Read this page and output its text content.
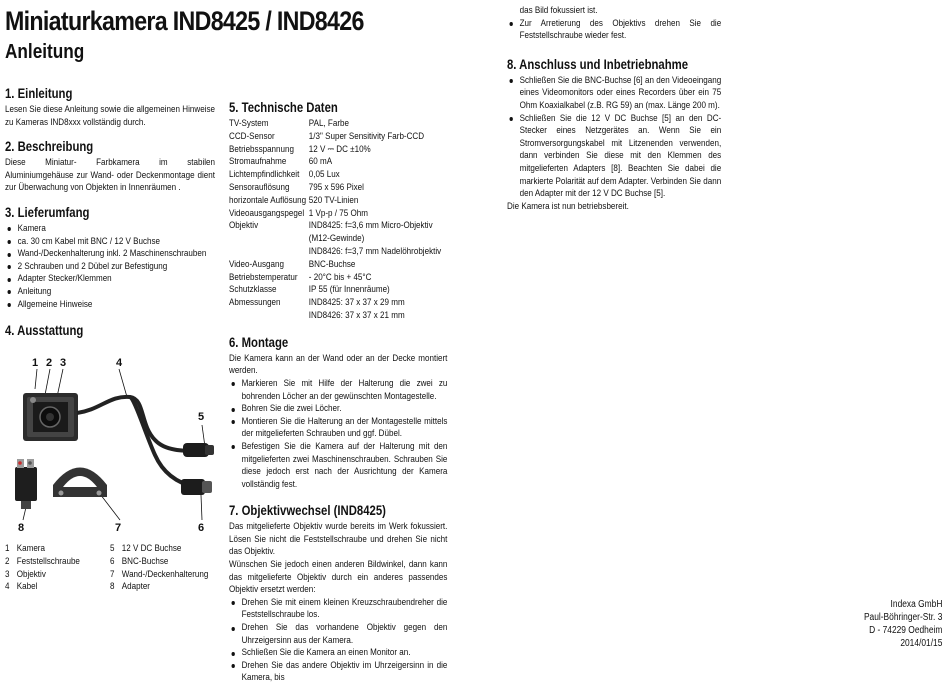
Miniaturkamera IND8425 / IND8426
Anleitung
1. Einleitung

Lesen Sie diese Anleitung sowie die allgemeinen Hinweise zu Kameras IND8xxx vollständig durch.

2. Beschreibung

Diese Miniatur- Farbkamera im stabilen Aluminiumgehäuse zur Wand- oder Deckenmontage dient zur Überwachung von Objekten in Innenräumen .

3. Lieferumfang
Kamera
ca. 30 cm Kabel mit BNC / 12 V Buchse
Wand-/Deckenhalterung inkl. 2 Maschinenschrauben
2 Schrauben und 2 Dübel zur Befestigung
Adapter Stecker/Klemmen
Anleitung
Allgemeine Hinweise
4. Ausstattung
1 2 3	4
5
6
7
8
1 Kamera
2 Feststellschraube
3 Objektiv
4 Kabel
5 12 V DC Buchse
6 BNC-Buchse
7 Wand-/Deckenhalterung
8 Adapter
5. Technische Daten
TV-System	PAL, Farbe
CCD-Sensor	1/3" Super Sensitivity Farb-CCD
Betriebsspannung	12 V ⎓ DC ±10%
Stromaufnahme	60 mA
Lichtempfindlichkeit	0,05 Lux
Sensorauflösung	795 x 596 Pixel
horizontale Auflösung	520 TV-Linien
Videoausgangspegel	1 Vp-p / 75 Ohm
Objektiv	IND8425: f=3,6 mm Micro-Objektiv (M12-Gewinde)
IND8426: f=3,7 mm Nadelöhrobjektiv

Video-Ausgang	BNC-Buchse
Betriebstemperatur	- 20°C bis + 45°C
Schutzklasse	IP 55 (für Innenräume)
Abmessungen	IND8425: 37 x 37 x 29 mm
IND8426: 37 x 37 x 21 mm
6. Montage

Die Kamera kann an der Wand oder an der Decke montiert werden.

Markieren Sie mit Hilfe der Halterung die zwei zu bohrenden Löcher an der gewünschten Montagestelle.
Bohren Sie die zwei Löcher.
Montieren Sie die Halterung an der Montagestelle mittels der mitgelieferten Schrauben und ggf. Dübel.
Befestigen Sie die Kamera auf der Halterung mit den mitgelieferten zwei Maschinenschrauben. Schrauben Sie diese jedoch erst nach der Ausrichtung der Kamera vollständig fest.
7. Objektivwechsel (IND8425)

Das mitgelieferte Objektiv wurde bereits im Werk fokussiert. Lösen Sie nicht die Feststellschraube und drehen Sie nicht das Objektiv.

Wünschen Sie jedoch einen anderen Bildwinkel, dann kann das mitgelieferte Objektiv durch ein anderes passendes Objektiv ersetzt werden:

Drehen Sie mit einem kleinen Kreuzschraubendreher die Feststellschraube los.
Drehen Sie das vorhandene Objektiv gegen den Uhrzeigersinn aus der Kamera.
Schließen Sie die Kamera an einen Monitor an.
Drehen Sie das andere Objektiv im Uhrzeigersinn in die Kamera, bis
das Bild fokussiert ist.
Zur Arretierung des Objektivs drehen Sie die Feststellschraube wieder fest.
8. Anschluss und Inbetriebnahme
Schließen Sie die BNC-Buchse [6] an den Videoeingang eines Videomonitors oder eines Recorders über ein 75 Ohm Koaxialkabel (z.B. RG 59) an (max. Länge 200 m).
Schließen Sie die 12 V DC Buchse [5] an den DC-Stecker eines Netzgerätes an. Wenn Sie ein Stromversorgungskabel mit Litzenenden verwenden, dann verbinden Sie diese mit den Klemmen des mitgelieferten Adapters [8]. Beachten Sie dabei die markierte Polarität auf dem Adapter. Verbinden Sie dann den Adapter mit der 12 V DC Buchse [5].

Die Kamera ist nun betriebsbereit.

Indexa GmbH
Paul-Böhringer-Str. 3
D - 74229 Oedheim
2014/01/15
